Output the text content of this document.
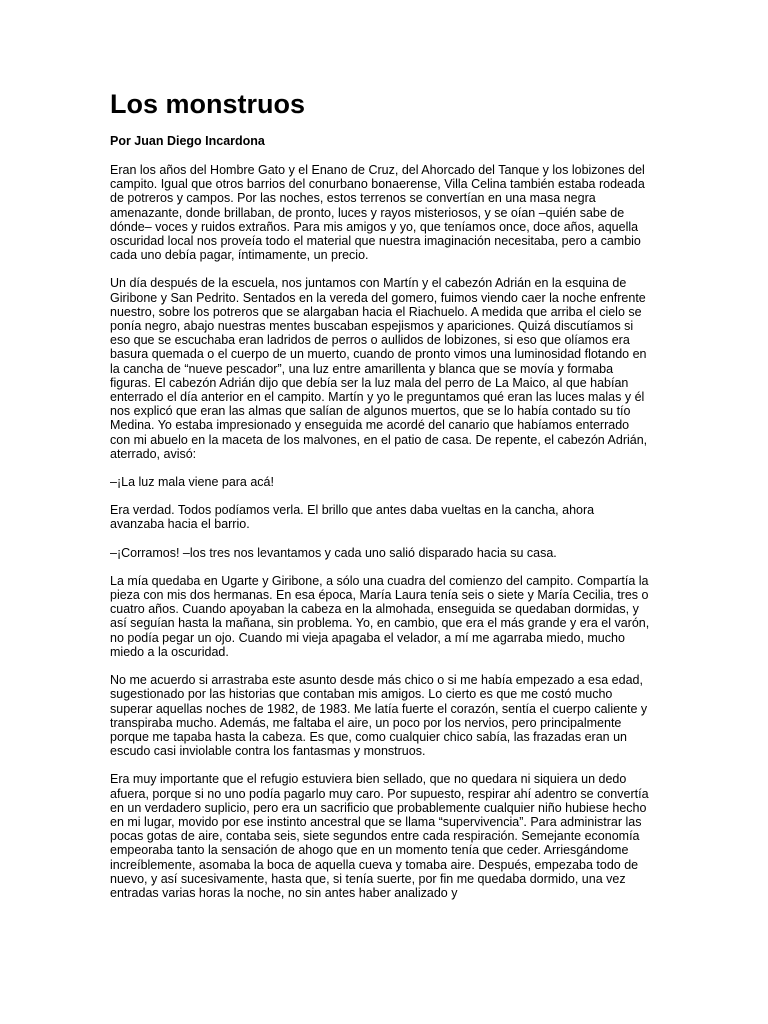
Los monstruos
Por Juan Diego Incardona

Eran los años del Hombre Gato y el Enano de Cruz, del Ahorcado del Tanque y los lobizones del campito. Igual que otros barrios del conurbano bonaerense, Villa Celina también estaba rodeada de potreros y campos. Por las noches, estos terrenos se convertían en una masa negra amenazante, donde brillaban, de pronto, luces y rayos misteriosos, y se oían –quién sabe de dónde– voces y ruidos extraños. Para mis amigos y yo, que teníamos once, doce años, aquella oscuridad local nos proveía todo el material que nuestra imaginación necesitaba, pero a cambio cada uno debía pagar, íntimamente, un precio.

Un día después de la escuela, nos juntamos con Martín y el cabezón Adrián en la esquina de Giribone y San Pedrito. Sentados en la vereda del gomero, fuimos viendo caer la noche enfrente nuestro, sobre los potreros que se alargaban hacia el Riachuelo. A medida que arriba el cielo se ponía negro, abajo nuestras mentes buscaban espejismos y apariciones. Quizá discutíamos si eso que se escuchaba eran ladridos de perros o aullidos de lobizones, si eso que olíamos era basura quemada o el cuerpo de un muerto, cuando de pronto vimos una luminosidad flotando en la cancha de “nueve pescador”, una luz entre amarillenta y blanca que se movía y formaba figuras. El cabezón Adrián dijo que debía ser la luz mala del perro de La Maico, al que habían enterrado el día anterior en el campito. Martín y yo le preguntamos qué eran las luces malas y él nos explicó que eran las almas que salían de algunos muertos, que se lo había contado su tío Medina. Yo estaba impresionado y enseguida me acordé del canario que habíamos enterrado con mi abuelo en la maceta de los malvones, en el patio de casa. De repente, el cabezón Adrián, aterrado, avisó:

–¡La luz mala viene para acá!

Era verdad. Todos podíamos verla. El brillo que antes daba vueltas en la cancha, ahora avanzaba hacia el barrio.

–¡Corramos! –los tres nos levantamos y cada uno salió disparado hacia su casa.

La mía quedaba en Ugarte y Giribone, a sólo una cuadra del comienzo del campito. Compartía la pieza con mis dos hermanas. En esa época, María Laura tenía seis o siete y María Cecilia, tres o cuatro años. Cuando apoyaban la cabeza en la almohada, enseguida se quedaban dormidas, y así seguían hasta la mañana, sin problema. Yo, en cambio, que era el más grande y era el varón, no podía pegar un ojo. Cuando mi vieja apagaba el velador, a mí me agarraba miedo, mucho miedo a la oscuridad.

No me acuerdo si arrastraba este asunto desde más chico o si me había empezado a esa edad, sugestionado por las historias que contaban mis amigos. Lo cierto es que me costó mucho superar aquellas noches de 1982, de 1983. Me latía fuerte el corazón, sentía el cuerpo caliente y transpiraba mucho. Además, me faltaba el aire, un poco por los nervios, pero principalmente porque me tapaba hasta la cabeza. Es que, como cualquier chico sabía, las frazadas eran un escudo casi inviolable contra los fantasmas y monstruos.

Era muy importante que el refugio estuviera bien sellado, que no quedara ni siquiera un dedo afuera, porque si no uno podía pagarlo muy caro. Por supuesto, respirar ahí adentro se convertía en un verdadero suplicio, pero era un sacrificio que probablemente cualquier niño hubiese hecho en mi lugar, movido por ese instinto ancestral que se llama “supervivencia”. Para administrar las pocas gotas de aire, contaba seis, siete segundos entre cada respiración. Semejante economía empeoraba tanto la sensación de ahogo que en un momento tenía que ceder. Arriesgándome increíblemente, asomaba la boca de aquella cueva y tomaba aire. Después, empezaba todo de nuevo, y así sucesivamente, hasta que, si tenía suerte, por fin me quedaba dormido, una vez entradas varias horas la noche, no sin antes haber analizado y
